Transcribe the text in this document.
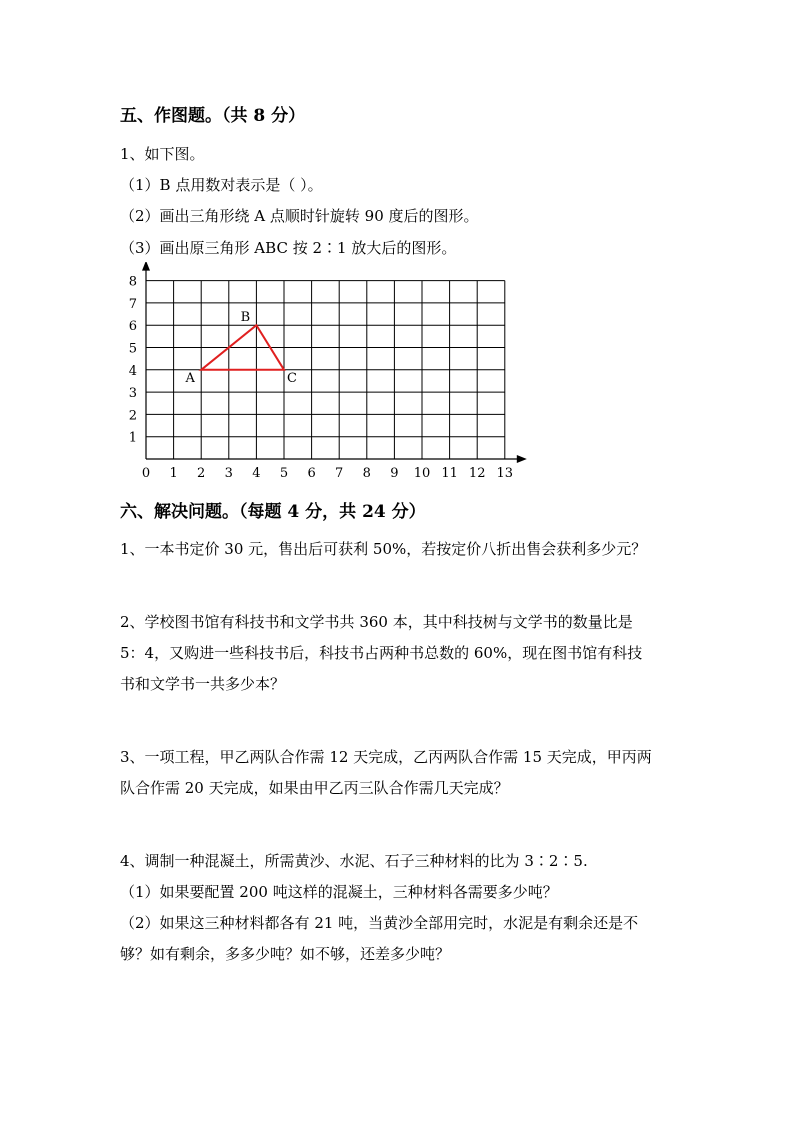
五、作图题。（共 8 分）
1、如下图。
（1）B 点用数对表示是（ ）。
（2）画出三角形绕 A 点顺时针旋转 90 度后的图形。
（3）画出原三角形 ABC 按 2∶1 放大后的图形。
0 1 2 3 4 5 6 7 8 9 10 11 12 13
1
2
3
4
5
6
7
8
A
B
C
六、解决问题。（每题 4 分，共 24 分）
1、一本书定价 30 元，售出后可获利 50%，若按定价八折出售会获利多少元？
2、学校图书馆有科技书和文学书共 360 本，其中科技树与文学书的数量比是
5：4，又购进一些科技书后，科技书占两种书总数的 60%，现在图书馆有科技
书和文学书一共多少本？
3、一项工程，甲乙两队合作需 12 天完成，乙丙两队合作需 15 天完成，甲丙两
队合作需 20 天完成，如果由甲乙丙三队合作需几天完成？
4、调制一种混凝土，所需黄沙、水泥、石子三种材料的比为 3∶2∶5.
（1）如果要配置 200 吨这样的混凝土，三种材料各需要多少吨？
（2）如果这三种材料都各有 21 吨，当黄沙全部用完时，水泥是有剩余还是不
够？如有剩余，多多少吨？如不够，还差多少吨？
